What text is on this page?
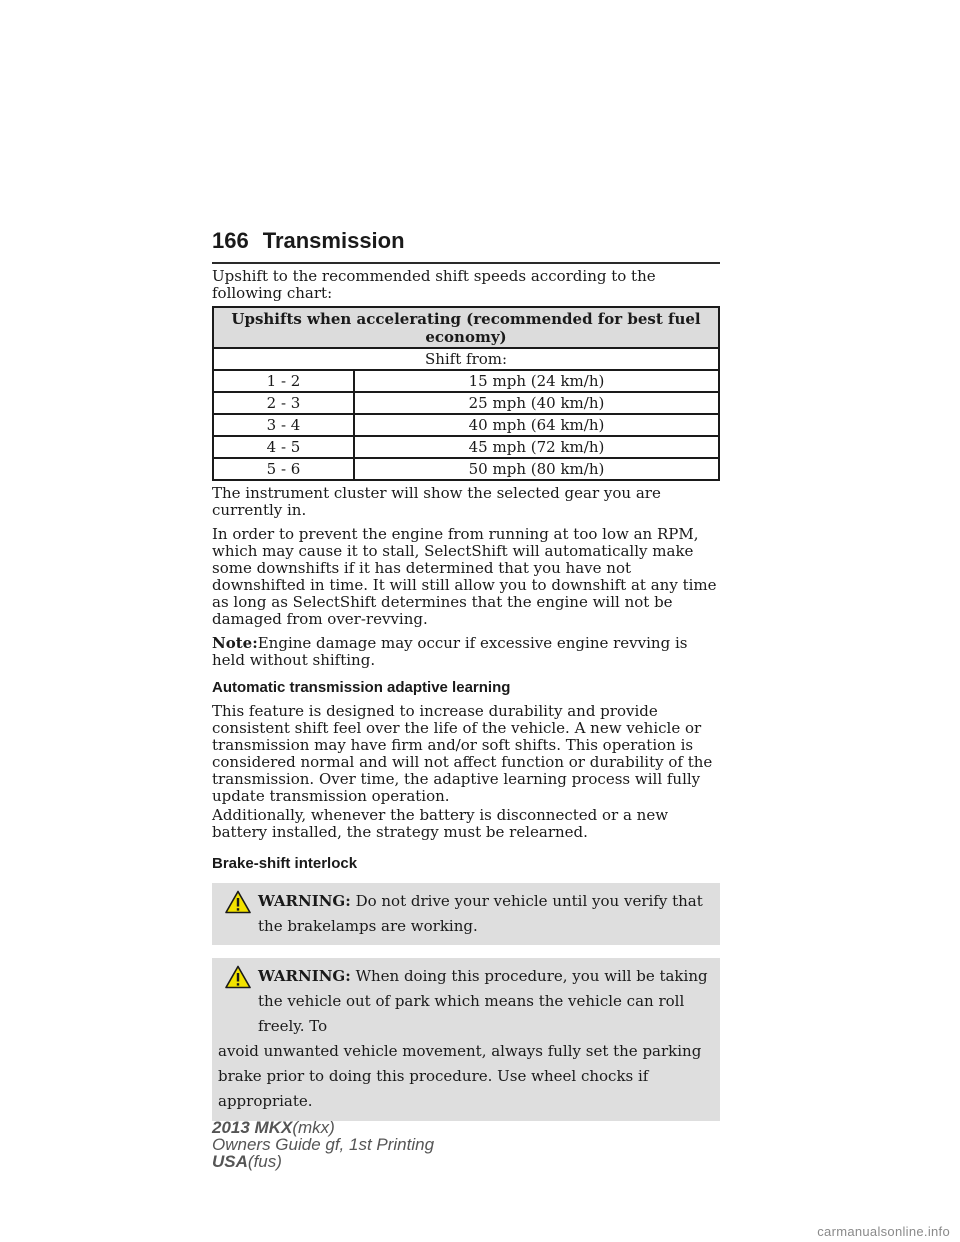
166 Transmission

Upshift to the recommended shift speeds according to the following chart:

Upshifts when accelerating (recommended for best fuel economy)	
Shift from:	
1 - 2	15 mph (24 km/h)
2 - 3	25 mph (40 km/h)
3 - 4	40 mph (64 km/h)
4 - 5	45 mph (72 km/h)
5 - 6	50 mph (80 km/h)

The instrument cluster will show the selected gear you are currently in.

In order to prevent the engine from running at too low an RPM, which may cause it to stall, SelectShift will automatically make some downshifts if it has determined that you have not downshifted in time. It will still allow you to downshift at any time as long as SelectShift determines that the engine will not be damaged from over-revving.

Note:Engine damage may occur if excessive engine revving is held without shifting.

Automatic transmission adaptive learning

This feature is designed to increase durability and provide consistent shift feel over the life of the vehicle. A new vehicle or transmission may have firm and/or soft shifts. This operation is considered normal and will not affect function or durability of the transmission. Over time, the adaptive learning process will fully update transmission operation.

Additionally, whenever the battery is disconnected or a new battery installed, the strategy must be relearned.

Brake-shift interlock
WARNING: Do not drive your vehicle until you verify that the brakelamps are working.
WARNING: When doing this procedure, you will be taking the vehicle out of park which means the vehicle can roll freely. To
avoid unwanted vehicle movement, always fully set the parking brake prior to doing this procedure. Use wheel chocks if appropriate.
2013 MKX(mkx)
Owners Guide gf, 1st Printing
USA(fus)
carmanualsonline.info
